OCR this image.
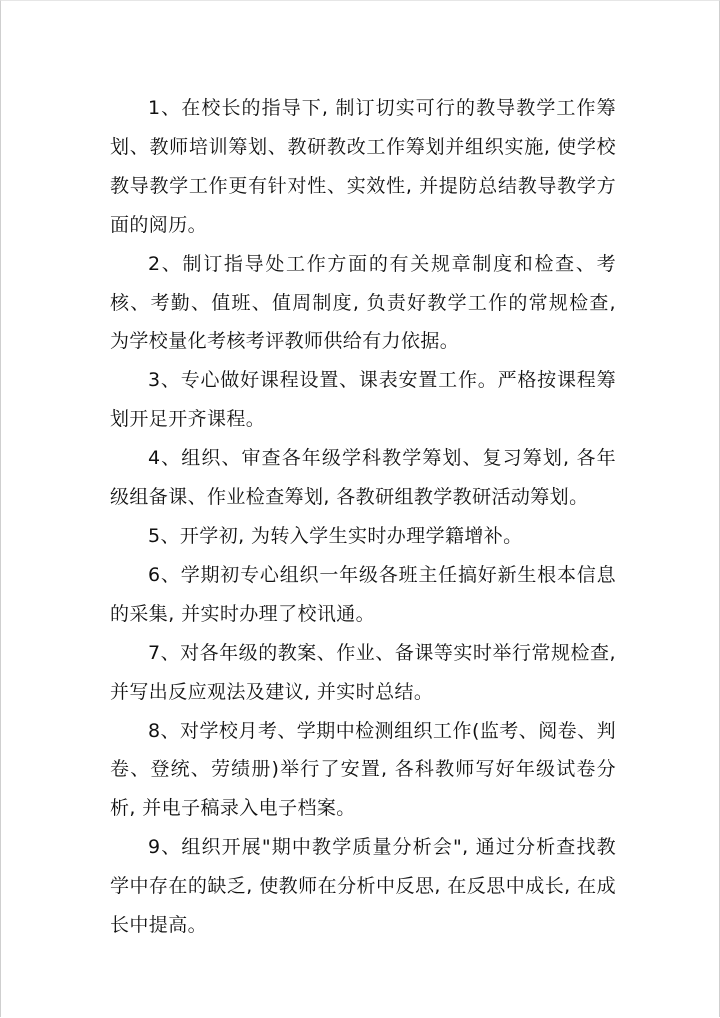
1、在校长的指导下, 制订切实可行的教导教学工作筹划、教师培训筹划、教研教改工作筹划并组织实施, 使学校教导教学工作更有针对性、实效性, 并提防总结教导教学方面的阅历。

2、制订指导处工作方面的有关规章制度和检查、考核、考勤、值班、值周制度, 负责好教学工作的常规检查, 为学校量化考核考评教师供给有力依据。

3、专心做好课程设置、课表安置工作。严格按课程筹划开足开齐课程。

4、组织、审查各年级学科教学筹划、复习筹划, 各年级组备课、作业检查筹划, 各教研组教学教研活动筹划。

5、开学初, 为转入学生实时办理学籍增补。

6、学期初专心组织一年级各班主任搞好新生根本信息的采集, 并实时办理了校讯通。

7、对各年级的教案、作业、备课等实时举行常规检查, 并写出反应观法及建议, 并实时总结。

8、对学校月考、学期中检测组织工作(监考、阅卷、判卷、登统、劳绩册)举行了安置, 各科教师写好年级试卷分析, 并电子稿录入电子档案。

9、组织开展"期中教学质量分析会", 通过分析查找教学中存在的缺乏, 使教师在分析中反思, 在反思中成长, 在成长中提高。
